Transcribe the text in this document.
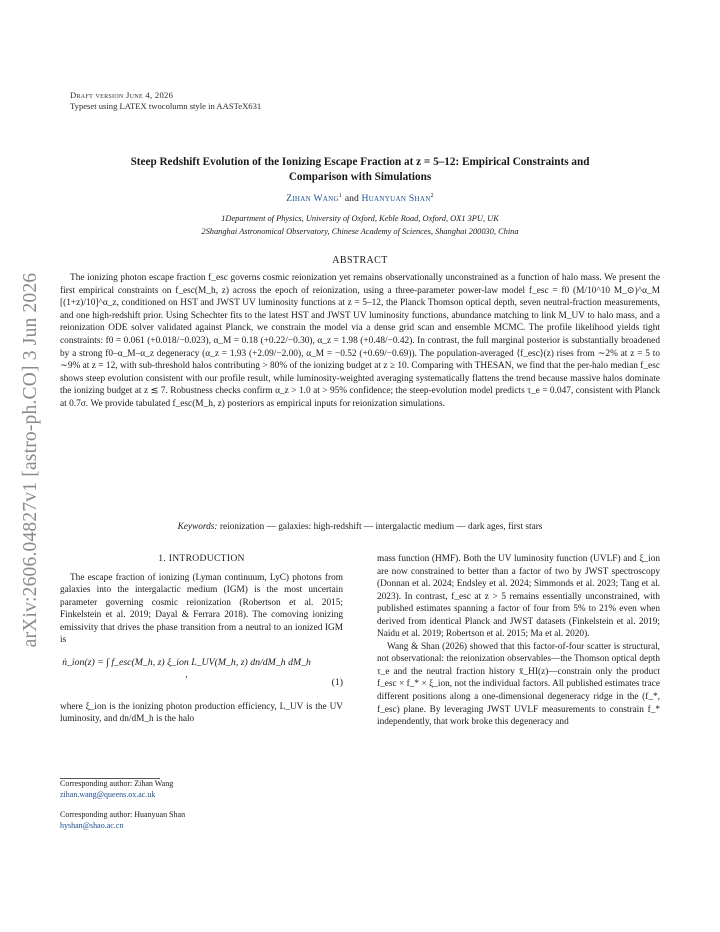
arXiv:2606.04827v1 [astro-ph.CO] 3 Jun 2026
Draft version June 4, 2026
Typeset using LATEX twocolumn style in AASTeX631
Steep Redshift Evolution of the Ionizing Escape Fraction at z = 5–12: Empirical Constraints and
Comparison with Simulations
Zihan Wang$^1$ and Huanyuan Shan$^2$
1Department of Physics, University of Oxford, Keble Road, Oxford, OX1 3PU, UK
2Shanghai Astronomical Observatory, Chinese Academy of Sciences, Shanghai 200030, China
ABSTRACT

The ionizing photon escape fraction f_esc governs cosmic reionization yet remains observationally unconstrained as a function of halo mass. We present the first empirical constraints on f_esc(M_h, z) across the epoch of reionization, using a three-parameter power-law model f_esc = f0 (M/10^10 M_⊙)^α_M [(1+z)/10]^α_z, conditioned on HST and JWST UV luminosity functions at z = 5–12, the Planck Thomson optical depth, seven neutral-fraction measurements, and one high-redshift prior. Using Schechter fits to the latest HST and JWST UV luminosity functions, abundance matching to link M_UV to halo mass, and a reionization ODE solver validated against Planck, we constrain the model via a dense grid scan and ensemble MCMC. The profile likelihood yields tight constraints: f0 = 0.061 (+0.018/−0.023), α_M = 0.18 (+0.22/−0.30), α_z = 1.98 (+0.48/−0.42). In contrast, the full marginal posterior is substantially broadened by a strong f0–α_M–α_z degeneracy (α_z = 1.93 (+2.09/−2.00), α_M = −0.52 (+0.69/−0.69)). The population-averaged ⟨f_esc⟩(z) rises from ∼2% at z = 5 to ∼9% at z = 12, with sub-threshold halos contributing > 80% of the ionizing budget at z ≥ 10. Comparing with THESAN, we find that the per-halo median f_esc shows steep evolution consistent with our profile result, while luminosity-weighted averaging systematically flattens the trend because massive halos dominate the ionizing budget at z ≲ 7. Robustness checks confirm α_z > 1.0 at > 95% confidence; the steep-evolution model predicts τ_e = 0.047, consistent with Planck at 0.7σ. We provide tabulated f_esc(M_h, z) posteriors as empirical inputs for reionization simulations.

Keywords: reionization — galaxies: high-redshift — intergalactic medium — dark ages, first stars

1. INTRODUCTION

The escape fraction of ionizing (Lyman continuum, LyC) photons from galaxies into the intergalactic medium (IGM) is the most uncertain parameter governing cosmic reionization (Robertson et al. 2015; Finkelstein et al. 2019; Dayal & Ferrara 2018). The comoving ionizing emissivity that drives the phase transition from a neutral to an ionized IGM is

ṅ_ion(z) = ∫ f_esc(M_h, z) ξ_ion L_UV(M_h, z) dn/dM_h dM_h ,
(1)

where ξ_ion is the ionizing photon production efficiency, L_UV is the UV luminosity, and dn/dM_h is the halo

Corresponding author: Zihan Wang
zihan.wang@queens.ox.ac.uk
Corresponding author: Huanyuan Shan
hyshan@shao.ac.cn

mass function (HMF). Both the UV luminosity function (UVLF) and ξ_ion are now constrained to better than a factor of two by JWST spectroscopy (Donnan et al. 2024; Endsley et al. 2024; Simmonds et al. 2023; Tang et al. 2023). In contrast, f_esc at z > 5 remains essentially unconstrained, with published estimates spanning a factor of four from 5% to 21% even when derived from identical Planck and JWST datasets (Finkelstein et al. 2019; Naidu et al. 2019; Robertson et al. 2015; Ma et al. 2020).

Wang & Shan (2026) showed that this factor-of-four scatter is structural, not observational: the reionization observables—the Thomson optical depth τ_e and the neutral fraction history x̄_HI(z)—constrain only the product f_esc × f_* × ξ_ion, not the individual factors. All published estimates trace different positions along a one-dimensional degeneracy ridge in the (f_*, f_esc) plane. By leveraging JWST UVLF measurements to constrain f_* independently, that work broke this degeneracy and
